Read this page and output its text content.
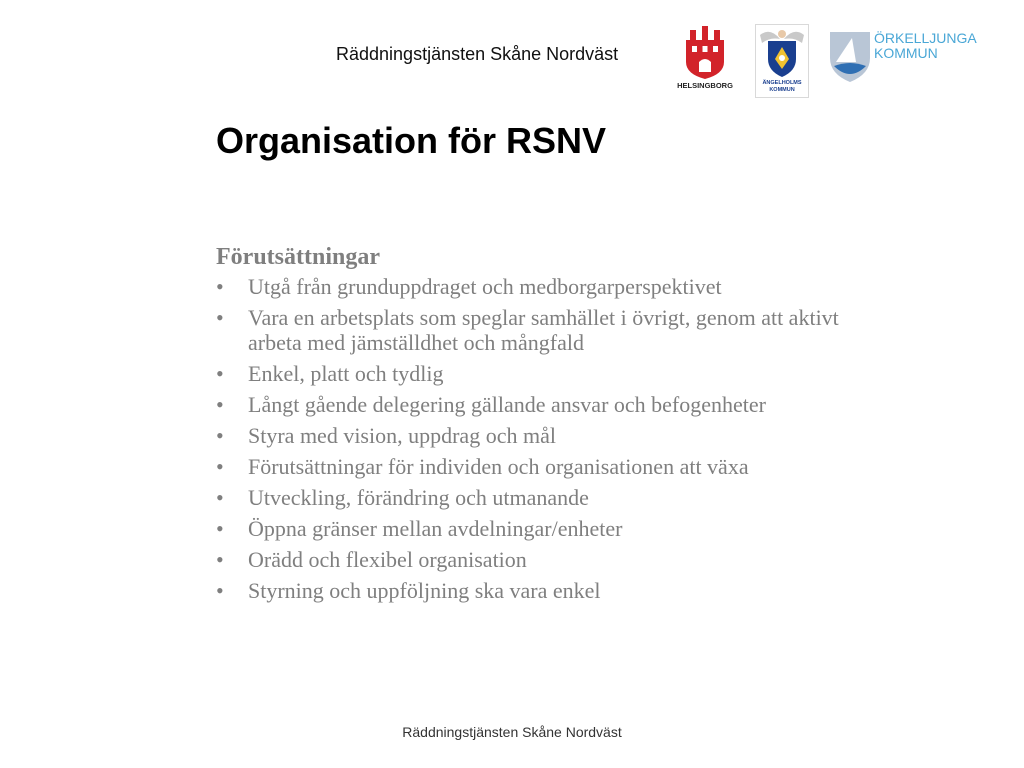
Räddningstjänsten Skåne Nordväst
HELSINGBORG	ÄNGELHOLMS
KOMMUN
ÖRKELLJUNGA
KOMMUN
Organisation för RSNV
Förutsättningar
•	Utgå från grunduppdraget och medborgarperspektivet
•	Vara en arbetsplats som speglar samhället i övrigt, genom att aktivt arbeta med jämställdhet och mångfald
•	Enkel, platt och tydlig
•	Långt gående delegering gällande ansvar och befogenheter
•	Styra med vision, uppdrag och mål
•	Förutsättningar för individen och organisationen att växa
•	Utveckling, förändring och utmanande
•	Öppna gränser mellan avdelningar/enheter
•	Orädd och flexibel organisation
•	Styrning och uppföljning ska vara enkel
Räddningstjänsten Skåne Nordväst
